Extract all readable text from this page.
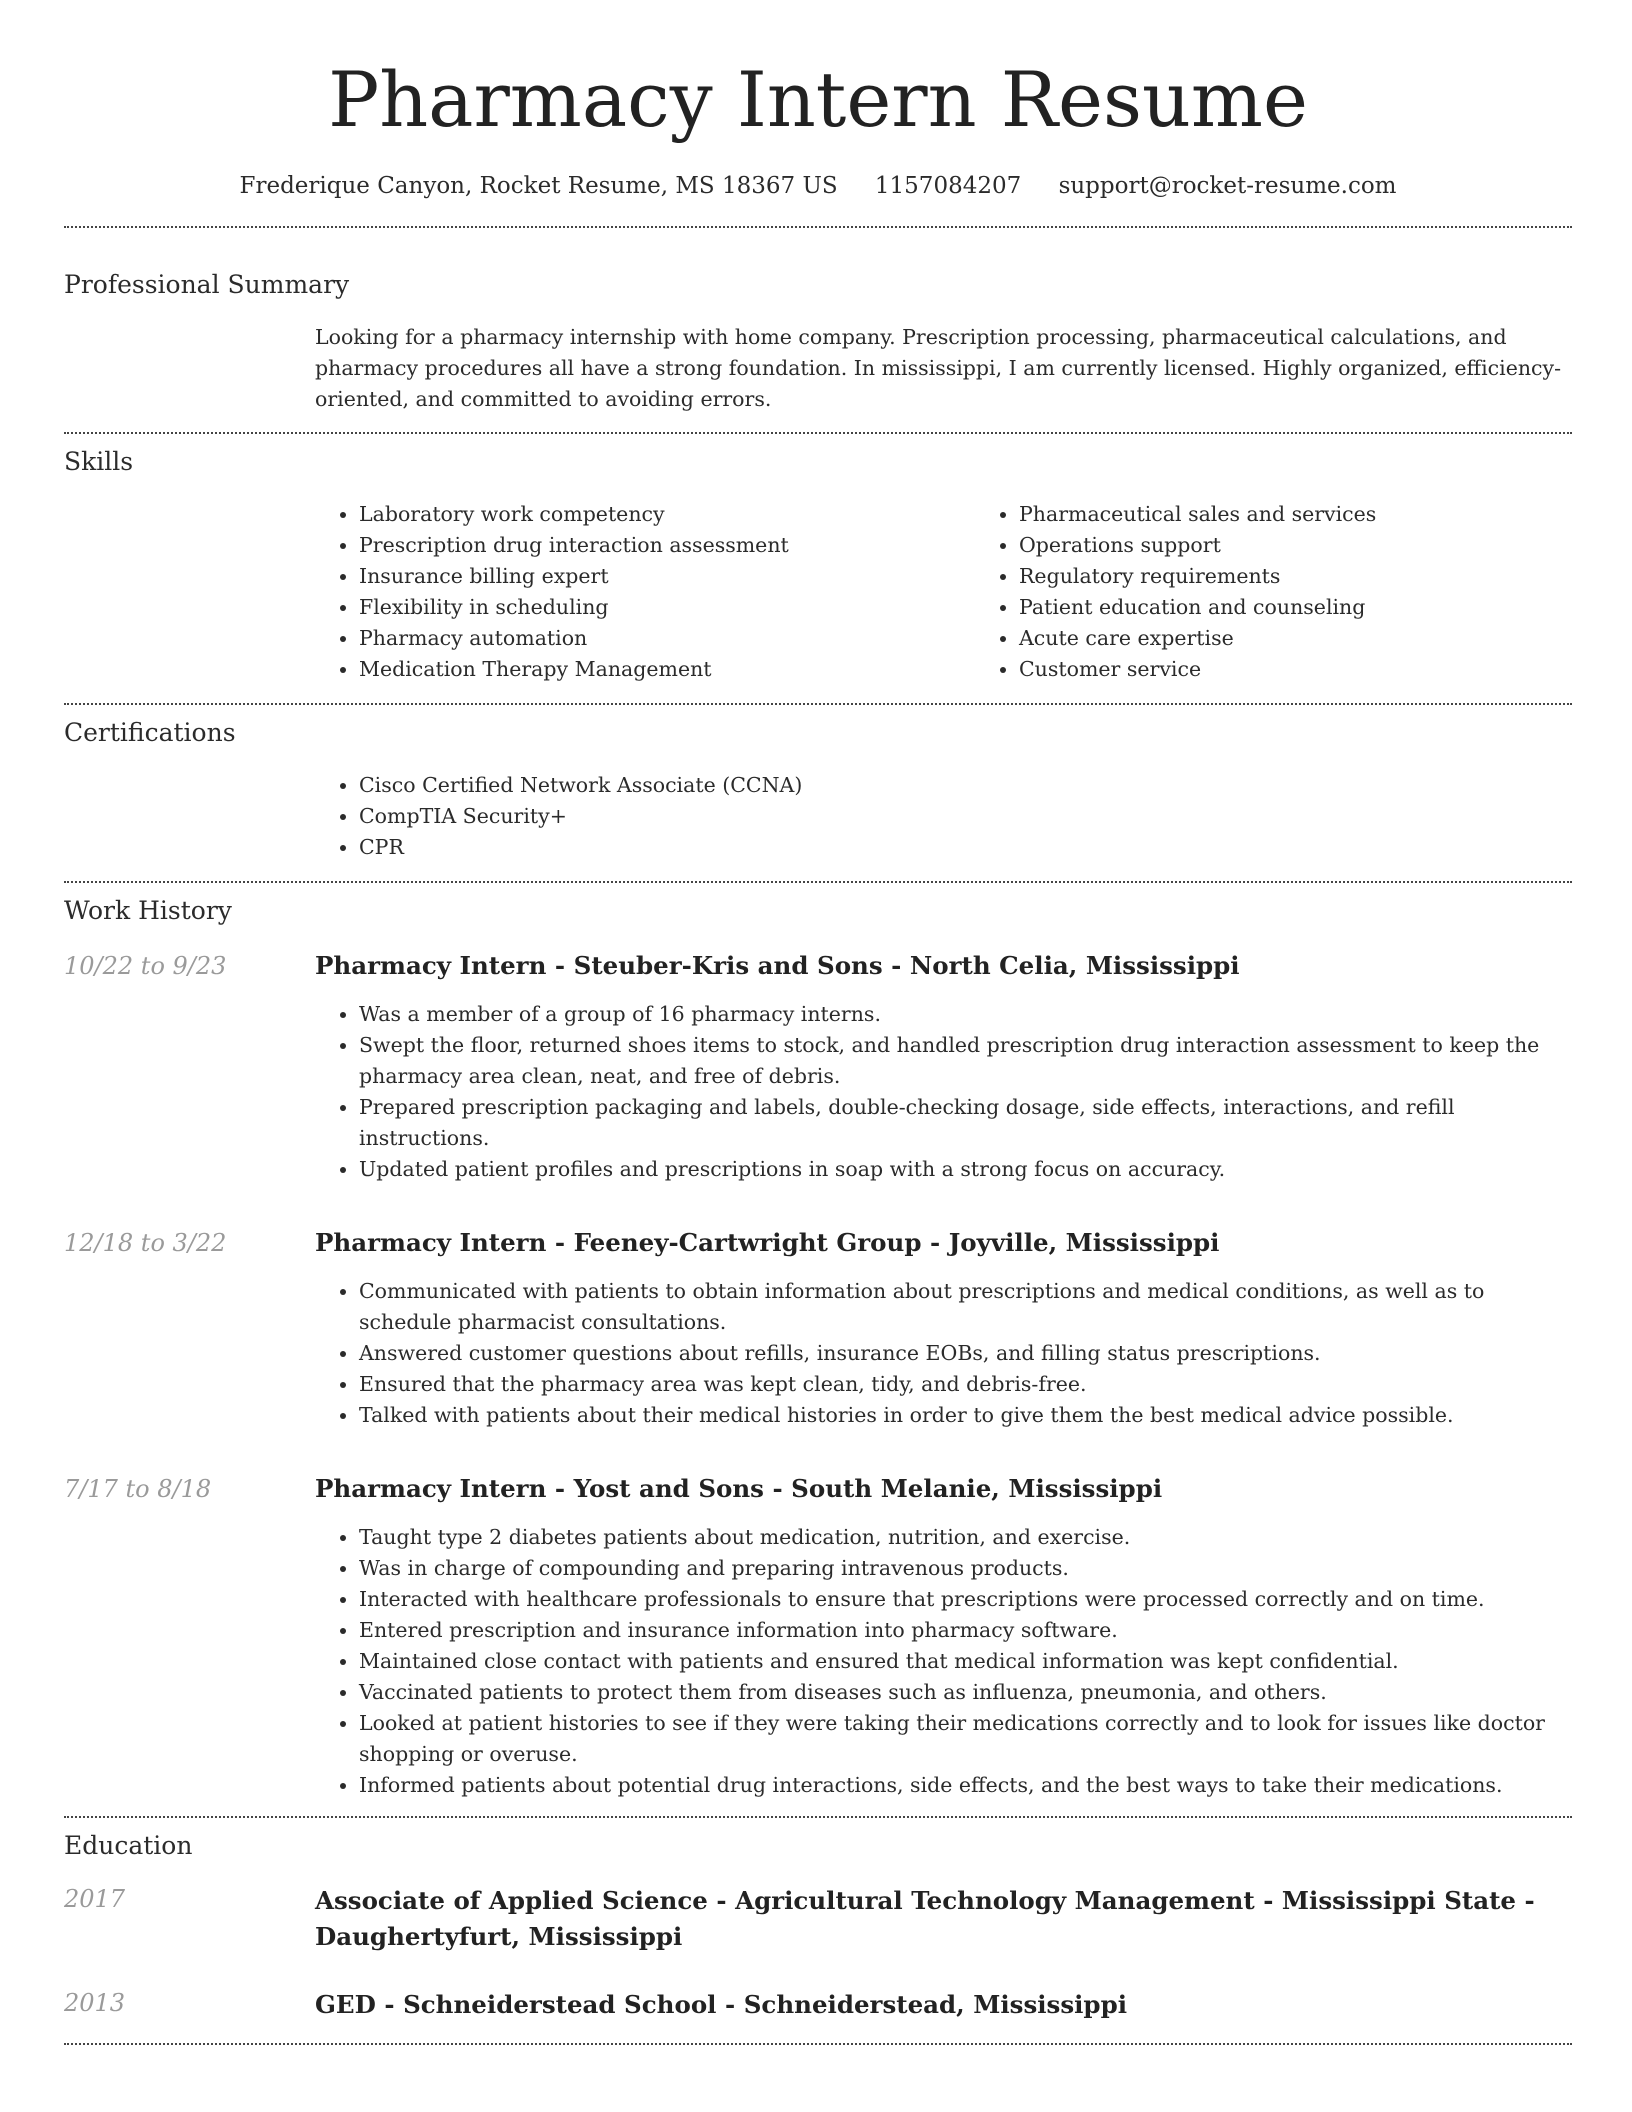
Pharmacy Intern Resume
Frederique Canyon, Rocket Resume, MS 18367 US 1157084207 support@rocket-resume.com
Professional Summary

Looking for a pharmacy internship with home company. Prescription processing, pharmaceutical calculations, and pharmacy procedures all have a strong foundation. In mississippi, I am currently licensed. Highly organized, efficiency-oriented, and committed to avoiding errors.

Skills
• Laboratory work competency
• Prescription drug interaction assessment
• Insurance billing expert
• Flexibility in scheduling
• Pharmacy automation
• Medication Therapy Management
• Pharmaceutical sales and services
• Operations support
• Regulatory requirements
• Patient education and counseling
• Acute care expertise
• Customer service
Certifications
• Cisco Certified Network Associate (CCNA)
• CompTIA Security+
• CPR
Work History
10/22 to 9/23	Pharmacy Intern - Steuber-Kris and Sons - North Celia, Mississippi
• Was a member of a group of 16 pharmacy interns.
• Swept the floor, returned shoes items to stock, and handled prescription drug interaction assessment to keep the pharmacy area clean, neat, and free of debris.
• Prepared prescription packaging and labels, double-checking dosage, side effects, interactions, and refill instructions.
• Updated patient profiles and prescriptions in soap with a strong focus on accuracy.
12/18 to 3/22	Pharmacy Intern - Feeney-Cartwright Group - Joyville, Mississippi
• Communicated with patients to obtain information about prescriptions and medical conditions, as well as to schedule pharmacist consultations.
• Answered customer questions about refills, insurance EOBs, and filling status prescriptions.
• Ensured that the pharmacy area was kept clean, tidy, and debris-free.
• Talked with patients about their medical histories in order to give them the best medical advice possible.
7/17 to 8/18	Pharmacy Intern - Yost and Sons - South Melanie, Mississippi
• Taught type 2 diabetes patients about medication, nutrition, and exercise.
• Was in charge of compounding and preparing intravenous products.
• Interacted with healthcare professionals to ensure that prescriptions were processed correctly and on time.
• Entered prescription and insurance information into pharmacy software.
• Maintained close contact with patients and ensured that medical information was kept confidential.
• Vaccinated patients to protect them from diseases such as influenza, pneumonia, and others.
• Looked at patient histories to see if they were taking their medications correctly and to look for issues like doctor shopping or overuse.
• Informed patients about potential drug interactions, side effects, and the best ways to take their medications.
Education
2017	Associate of Applied Science - Agricultural Technology Management - Mississippi State - Daughertyfurt, Mississippi
2013	GED - Schneiderstead School - Schneiderstead, Mississippi
